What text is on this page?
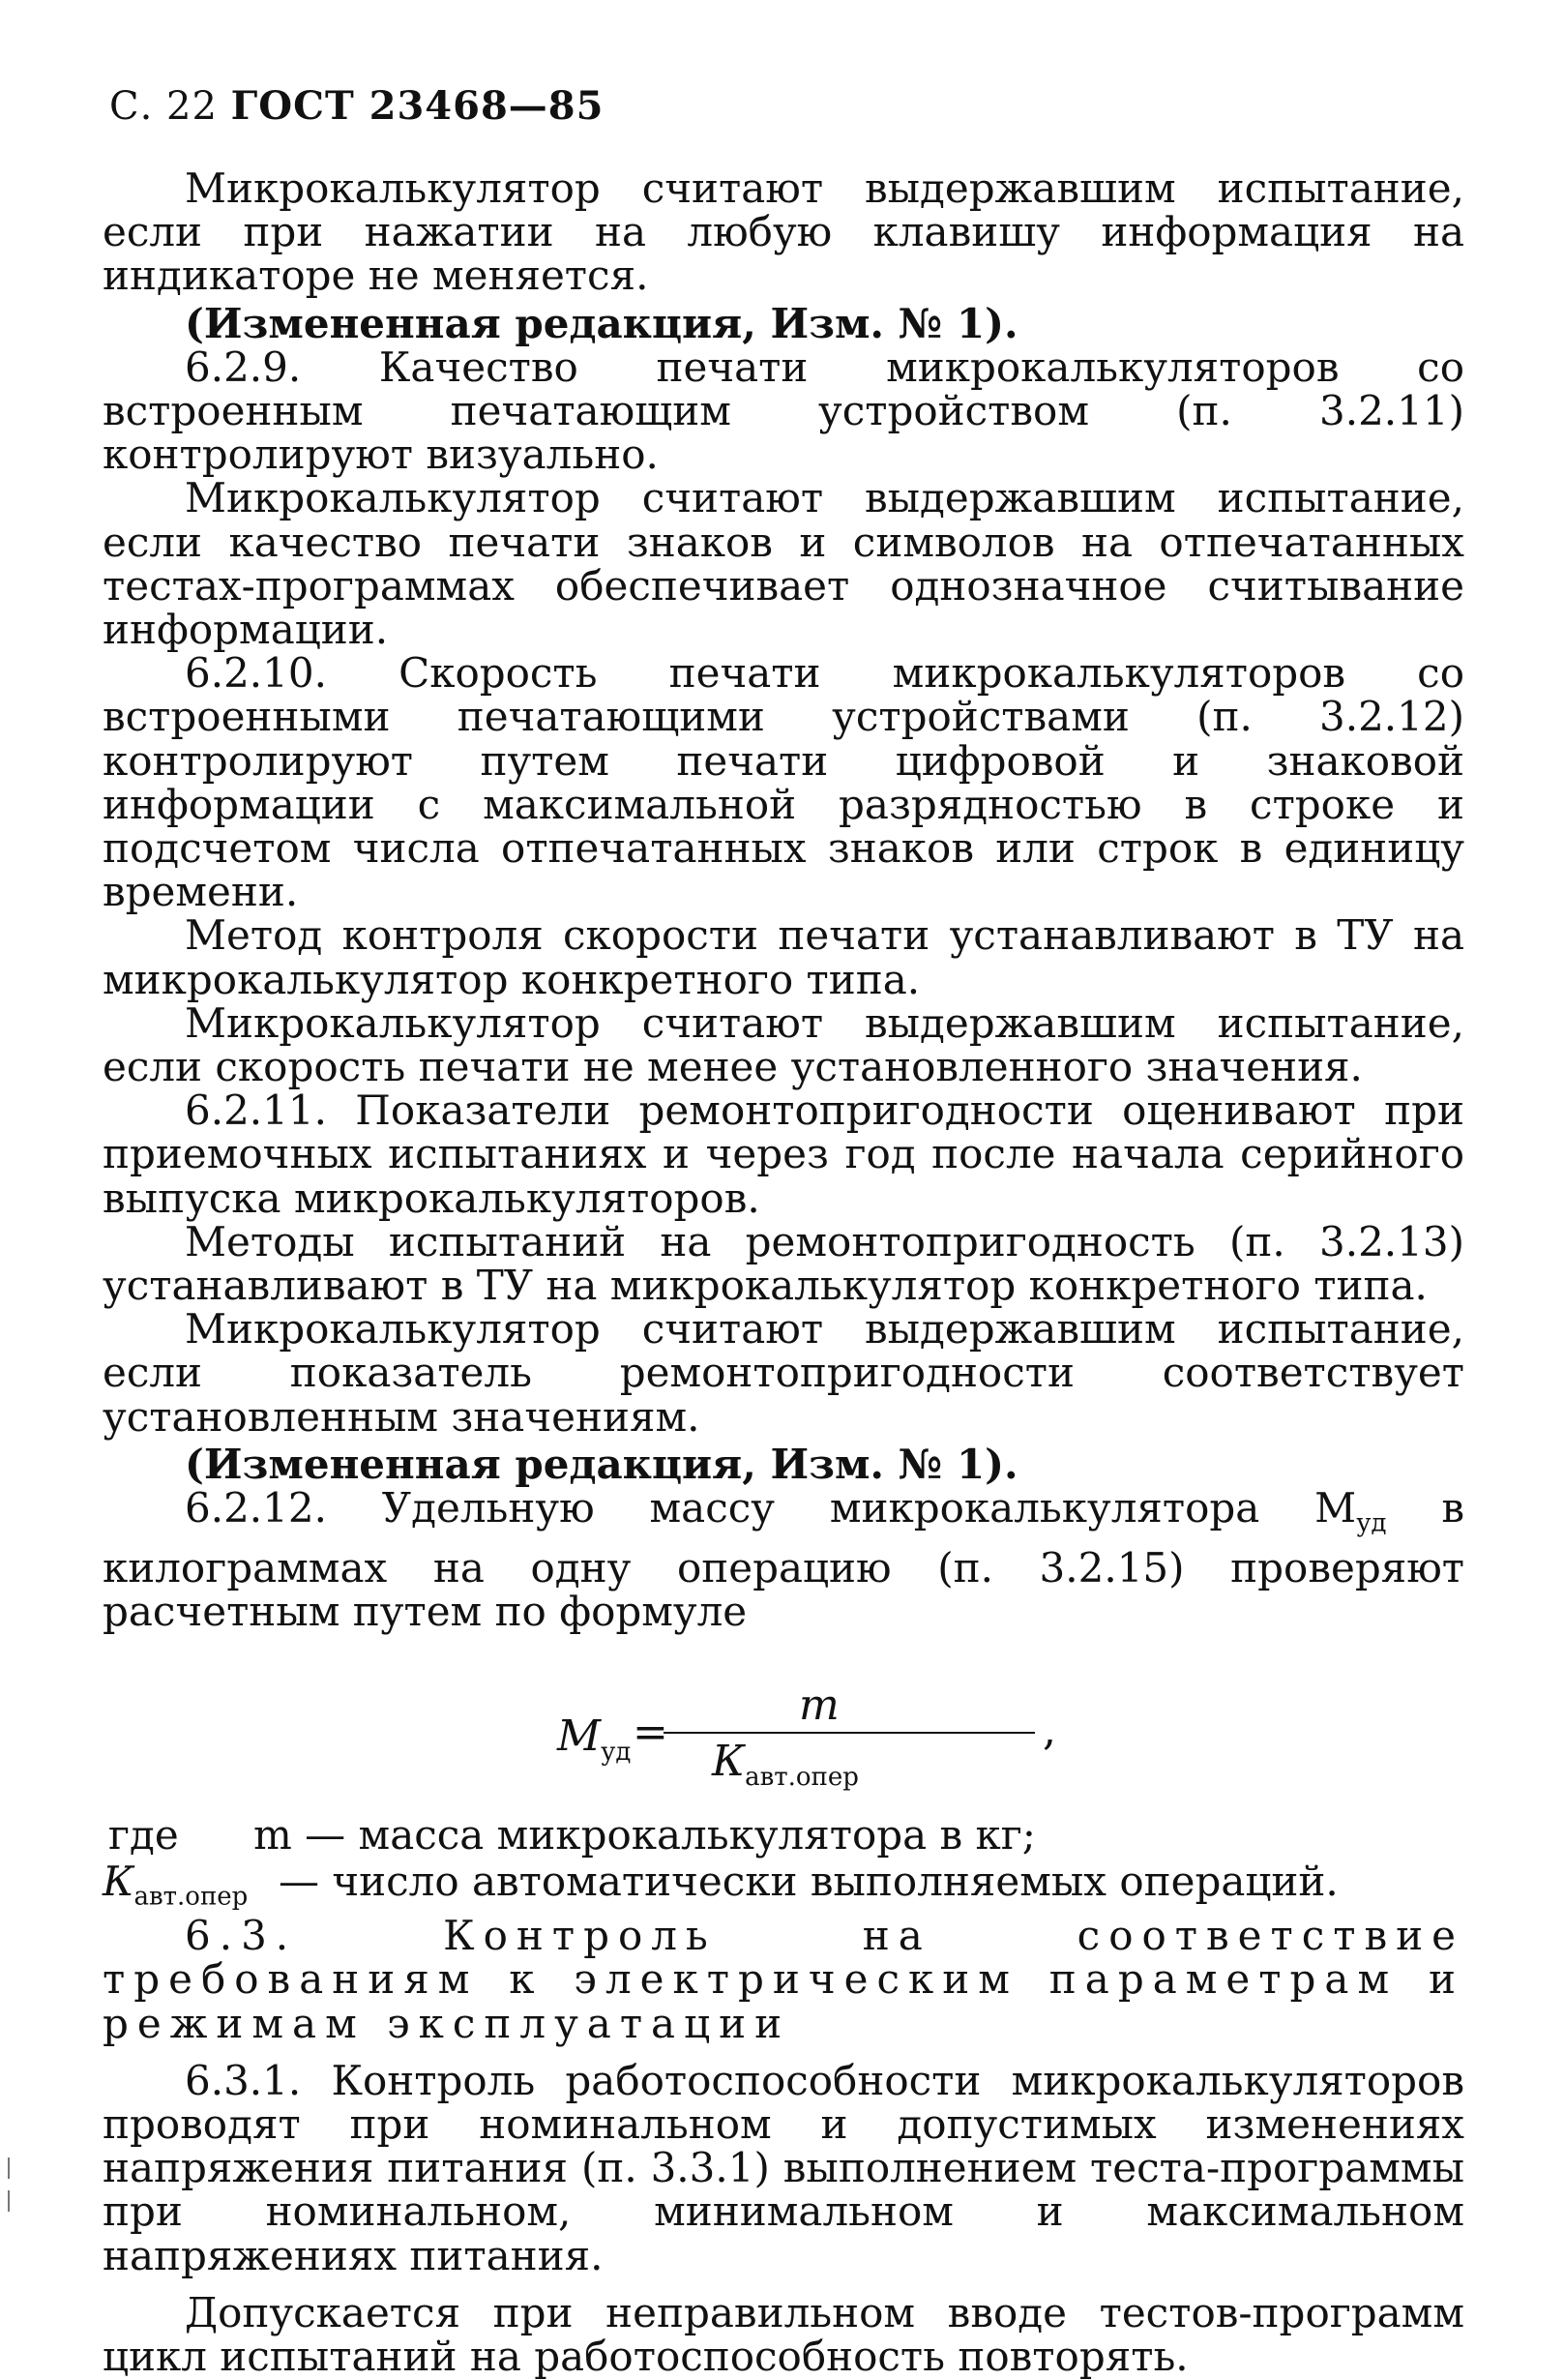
С. 22 ГОСТ 23468—85

Микрокалькулятор считают выдержавшим испытание, если при нажатии на любую клавишу информация на индикаторе не меняется.

(Измененная редакция, Изм. № 1).

6.2.9. Качество печати микрокалькуляторов со встроенным печатающим устройством (п. 3.2.11) контролируют визуально.

Микрокалькулятор считают выдержавшим испытание, если качество печати знаков и символов на отпечатанных тестах-программах обеспечивает однозначное считывание информации.

6.2.10. Скорость печати микрокалькуляторов со встроенными печатающими устройствами (п. 3.2.12) контролируют путем печати цифровой и знаковой информации с максимальной разрядностью в строке и подсчетом числа отпечатанных знаков или строк в единицу времени.

Метод контроля скорости печати устанавливают в ТУ на микрокалькулятор конкретного типа.

Микрокалькулятор считают выдержавшим испытание, если скорость печати не менее установленного значения.

6.2.11. Показатели ремонтопригодности оценивают при приемочных испытаниях и через год после начала серийного выпуска микрокалькуляторов.

Методы испытаний на ремонтопригодность (п. 3.2.13) устанавливают в ТУ на микрокалькулятор конкретного типа.

Микрокалькулятор считают выдержавшим испытание, если показатель ремонтопригодности соответствует установленным значениям.

(Измененная редакция, Изм. № 1).

6.2.12. Удельную массу микрокалькулятора $М_{уд}$ в килограммах на одну операцию (п. 3.2.15) проверяют расчетным путем по формуле

$М_{уд}$ =
m
$К_{авт.опер}$
,
где m — масса микрокалькулятора в кг;
$К_{авт.опер}$ — число автоматически выполняемых операций.

6.3. Контроль на соответствие требованиям к электрическим параметрам и режимам эксплуатации

6.3.1. Контроль работоспособности микрокалькуляторов проводят при номинальном и допустимых изменениях напряжения питания (п. 3.3.1) выполнением теста-программы при номинальном, минимальном и максимальном напряжениях питания.

Допускается при неправильном вводе тестов-программ цикл испытаний на работоспособность повторять.
